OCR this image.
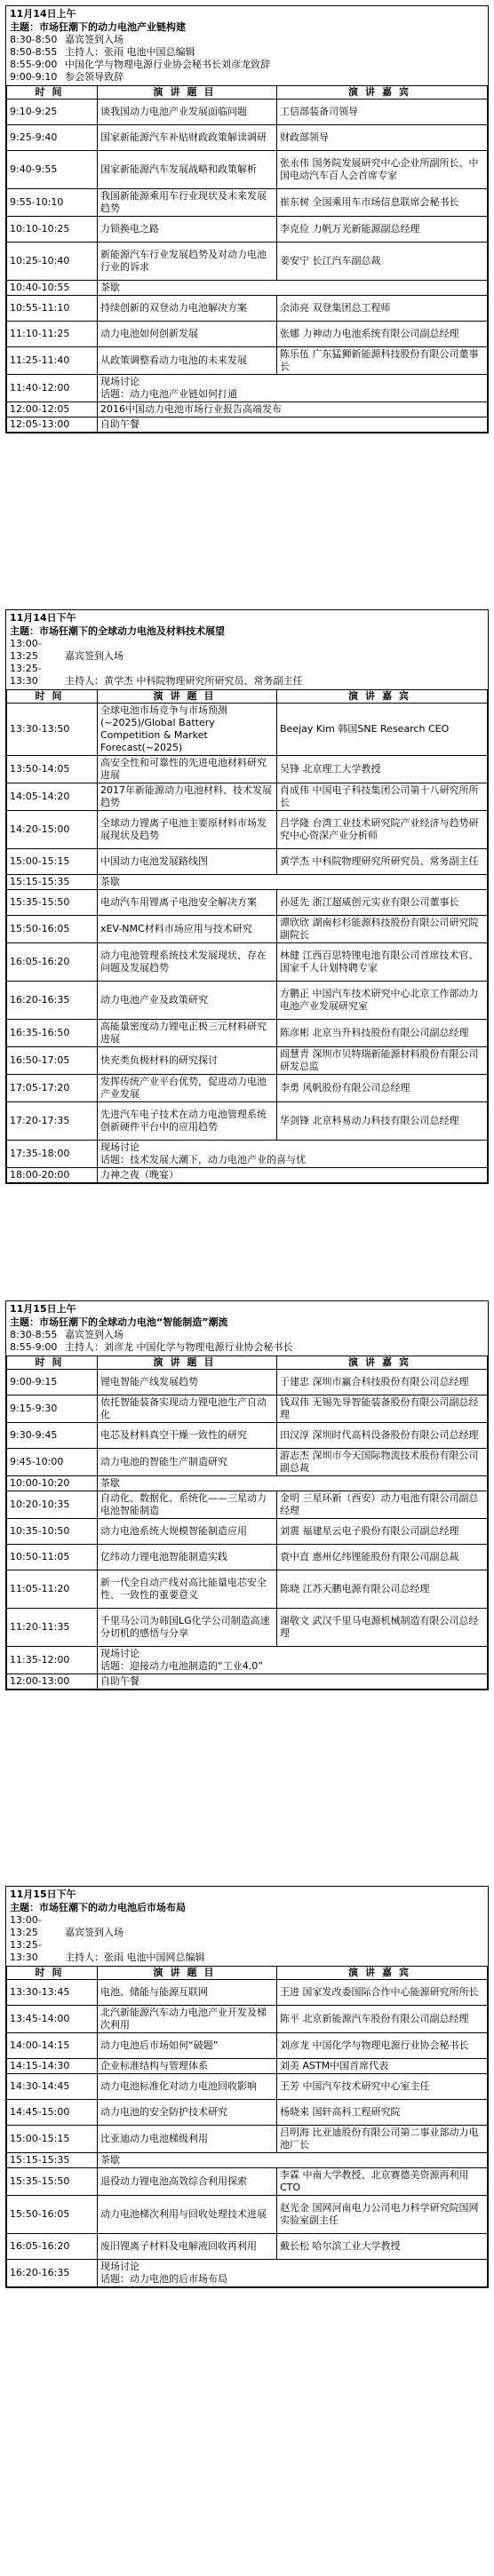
11月14日上午
主题：市场狂潮下的动力电池产业链构建
8:30-8:50 嘉宾签到入场
8:50-8:55 主持人：张雨 电池中国总编辑
8:55-9:00 中国化学与物理电源行业协会秘书长刘彦龙致辞
9:00-9:10 参会领导致辞
时间	演讲题目	演讲嘉宾
9:10-9:25	谈我国动力电池产业发展面临问题	工信部装备司领导
9:25-9:40	国家新能源汽车补贴财政政策解读调研	财政部领导
9:40-9:55	国家新能源汽车发展战略和政策解析	张永伟 国务院发展研究中心企业所副所长、中国电动汽车百人会首席专家
9:55-10:10	我国新能源乘用车行业现状及未来发展趋势	崔东树 全国乘用车市场信息联席会秘书长
10:10-10:25	力锁换电之路	李克俭 力帆万光新能源副总经理
10:25-10:40	新能源汽车行业发展趋势及对动力电池行业的诉求	姜安宁 长江汽车副总裁
10:40-10:55	茶歇	
10:55-11:10	持续创新的双登动力电池解决方案	余沛亮 双登集团总工程师
11:10-11:25	动力电池如何创新发展	张娜 力神动力电池系统有限公司副总经理
11:25-11:40	从政策调整看动力电池的未来发展	陈乐伍 广东猛狮新能源科技股份有限公司董事长
11:40-12:00	现场讨论
话题：动力电池产业链如何打通	
12:00-12:05	2016中国动力电池市场行业报告高端发布	
12:05-13:00	自助午餐	
11月14日下午
主题：市场狂潮下的全球动力电池及材料技术展望
13:00-13:25	嘉宾签到入场
13:25-13:30	主持人：黄学杰 中科院物理研究所研究员、常务副主任
时间	演讲题目	演讲嘉宾
13:30-13:50	全球电池市场竞争与市场预测(~2025)/Global Battery Competition & Market Forecast(~2025)	Beejay Kim 韩国SNE Research CEO
13:50-14:05	高安全性和可靠性的先进电池材料研究进展	吴锋 北京理工大学教授
14:05-14:20	2017年新能源动力电池材料、技术发展趋势	肖成伟 中国电子科技集团公司第十八研究所所长
14:20-15:00	全球动力锂离子电池主要原材料市场发展现状及趋势	吕学隆 台湾工业技术研究院产业经济与趋势研究中心资深产业分析师
15:00-15:15	中国动力电池发展路线图	黄学杰 中科院物理研究所研究员、常务副主任
15:15-15:35	茶歇	
15:35-15:50	电动汽车用锂离子电池安全解决方案	孙延先 浙江超威创元实业有限公司董事长
15:50-16:05	xEV-NMC材料市场应用与技术研究	谭欣欣 湖南杉杉能源科技股份有限公司研究院副院长
16:05-16:20	动力电池管理系统技术发展现状、存在问题及发展趋势	林健 江西百思特锂电池有限公司首席技术官、国家千人计划特聘专家
16:20-16:35	动力电池产业及政策研究	方鹏正 中国汽车技术研究中心北京工作部动力电池产业发展研究室
16:35-16:50	高能量密度动力锂电正极三元材料研究进展	陈彦彬 北京当升科技股份有限公司副总经理
16:50-17:05	快充类负极材料的研究探讨	阎慧青 深圳市贝特瑞新能源材料股份有限公司研发总监
17:05-17:20	发挥传统产业平台优势，促进动力电池产业发展	李勇 风帆股份有限公司总经理
17:20-17:35	先进汽车电子技术在动力电池管理系统创新硬件平台中的应用趋势	华剑锋 北京科易动力科技有限公司总经理
17:35-18:00	现场讨论
话题：技术发展大潮下，动力电池产业的喜与忧	
18:00-20:00	力神之夜（晚宴）	
11月15日上午
主题：市场狂潮下的全球动力电池“智能制造”潮流
8:30-8:55 嘉宾签到入场
8:55-9:00 主持人：刘彦龙 中国化学与物理电源行业协会秘书长
时间	演讲题目	演讲嘉宾
9:00-9:15	锂电智能产线发展趋势	于建忠 深圳市赢合科技股份有限公司总经理
9:15-9:30	依托智能装备实现动力锂电池生产自动化	钱双伟 无锡先导智能装备股份有限公司副总经理
9:30-9:45	电芯及材料真空干燥一致性的研究	田汉淳 深圳时代高科设备股份有限公司总经理
9:45-10:00	动力电池的智能生产制造研究	游志杰 深圳市今天国际物流技术股份有限公司副总裁
10:00-10:20	茶歇	
10:20-10:35	自动化、数据化、系统化——三星动力电池智能制造	金明 三星环新（西安）动力电池有限公司副总经理
10:35-10:50	动力电池系统大规模智能制造应用	刘震 福建星云电子股份有限公司副总经理
10:50-11:05	亿纬动力锂电池智能制造实践	袁中直 惠州亿纬锂能股份有限公司副总裁
11:05-11:20	新一代全自动产线对高比能量电芯安全性、一致性的重要意义	陈晓 江苏天鹏电源有限公司总经理
11:20-11:35	千里马公司为韩国LG化学公司制造高速分切机的感悟与分享	谢敬文 武汉千里马电源机械制造有限公司总经理
11:35-12:00	现场讨论
话题：迎接动力电池制造的“工业4.0”	
12:00-13:00	自助午餐	
11月15日下午
主题：市场狂潮下的动力电池后市场布局
13:00-13:25	嘉宾签到入场
13:25-13:30	主持人：张雨 电池中国网总编辑
时间	演讲题目	演讲嘉宾
13:30-13:45	电池、储能与能源互联网	王进 国家发改委国际合作中心能源研究所所长
13:45-14:00	北汽新能源汽车动力电池产业开发及梯次利用	陈平 北京新能源汽车股份有限公司副总经理
14:00-14:15	动力电池后市场如何“破题”	刘彦龙 中国化学与物理电源行业协会秘书长
14:15-14:30	企业标准结构与管理体系	刘美 ASTM中国首席代表
14:30-14:45	动力电池标准化对动力电池回收影响	王芳 中国汽车技术研究中心室主任
14:45-15:00	动力电池的安全防护技术研究	杨晓来 国轩高科工程研究院
15:00-15:15	比亚迪动力电池梯级利用	吕明海 比亚迪股份有限公司第二事业部动力电池厂长
15:15-15:35	茶歇	
15:35-15:50	退役动力锂电池高效综合利用探索	李霖 中南大学教授、北京赛德美资源再利用CTO
15:50-16:05	动力电池梯次利用与回收处理技术进展	赵光金 国网河南电力公司电力科学研究院国网实验室副主任
16:05-16:20	废旧锂离子材料及电解液回收再利用	戴长松 哈尔滨工业大学教授
16:20-16:35	现场讨论
话题：动力电池的后市场布局	
